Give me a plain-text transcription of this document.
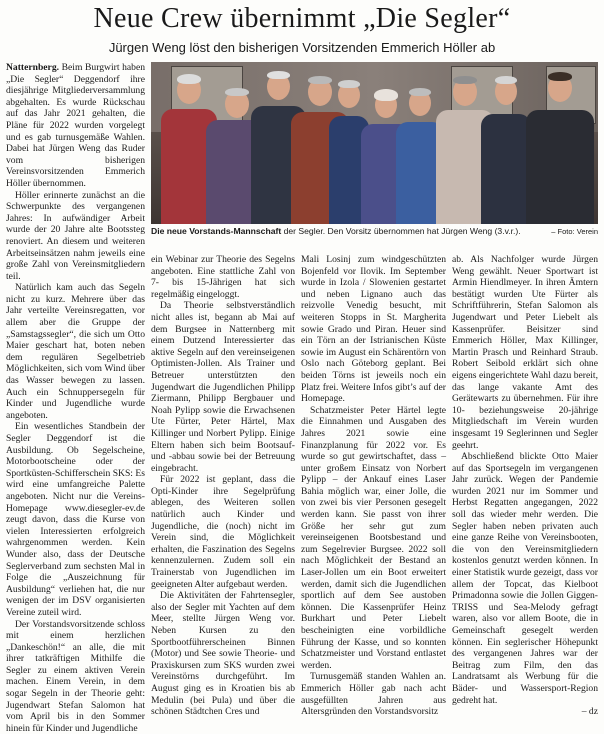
Neue Crew übernimmt „Die Segler“
Jürgen Weng löst den bisherigen Vorsitzenden Emmerich Höller ab

Natternberg. Beim Burgwirt haben „Die Segler“ Deggendorf ihre diesjährige Mitgliederversammlung abgehalten. Es wurde Rückschau auf das Jahr 2021 gehalten, die Pläne für 2022 wurden vorgelegt und es gab turnusgemäße Wahlen. Dabei hat Jürgen Weng das Ruder vom bisherigen Vereinsvorsitzenden Emmerich Höller übernommen.

Höller erinnerte zunächst an die Schwerpunkte des vergangenen Jahres: In aufwändiger Arbeit wurde der 20 Jahre alte Bootssteg renoviert. An diesem und weiteren Arbeitseinsätzen nahm jeweils eine große Zahl von Vereinsmitgliedern teil.

Natürlich kam auch das Segeln nicht zu kurz. Mehrere über das Jahr verteilte Vereinsregatten, vor allem aber die Gruppe der „Samstagssegler“, die sich um Otto Maier geschart hat, boten neben dem regulären Segelbetrieb Möglichkeiten, sich vom Wind über das Wasser bewegen zu lassen. Auch ein Schnuppersegeln für Kinder und Jugendliche wurde angeboten.

Ein wesentliches Standbein der Segler Deggendorf ist die Ausbildung. Ob Segelscheine, Motorbootscheine oder der Sportküsten-Schifferschein SKS: Es wird eine umfangreiche Palette angeboten. Nicht nur die Vereins-Homepage www.diesegler-ev.de zeugt davon, dass die Kurse von vielen Interessierten erfolgreich wahrgenommen werden. Kein Wunder also, dass der Deutsche Seglerverband zum sechsten Mal in Folge die „Auszeichnung für Ausbildung“ verliehen hat, die nur wenigen der im DSV organisierten Vereine zuteil wird.

Der Vorstandsvorsitzende schloss mit einem herzlichen „Dankeschön!“ an alle, die mit ihrer tatkräftigen Mithilfe die Segler zu einem aktiven Verein machen. Einem Verein, in dem sogar Segeln in der Theorie geht: Jugendwart Stefan Salomon hat vom April bis in den Sommer hinein für Kinder und Jugendliche

Die neue Vorstands-Mannschaft der Segler. Den Vorsitz übernommen hat Jürgen Weng (3.v.r.).	– Foto: Verein

ein Webinar zur Theorie des Segelns angeboten. Eine stattliche Zahl von 7- bis 15-Jährigen hat sich regelmäßig eingeloggt.

Da Theorie selbstverständlich nicht alles ist, begann ab Mai auf dem Burgsee in Natternberg mit einem Dutzend Interessierter das aktive Segeln auf den vereinseigenen Optimisten-Jollen. Als Trainer und Betreuer unterstützten den Jugendwart die Jugendlichen Philipp Ziermann, Philipp Bergbauer und Noah Pylipp sowie die Erwachsenen Ute Fürter, Peter Härtel, Max Killinger und Norbert Pylipp. Einige Eltern haben sich beim Bootsauf- und -abbau sowie bei der Betreuung eingebracht.

Für 2022 ist geplant, dass die Opti-Kinder ihre Segelprüfung ablegen, des Weiteren sollen natürlich auch Kinder und Jugendliche, die (noch) nicht im Verein sind, die Möglichkeit erhalten, die Faszination des Segelns kennenzulernen. Zudem soll ein Trainerstab von Jugendlichen im geeigneten Alter aufgebaut werden.

Die Aktivitäten der Fahrtensegler, also der Segler mit Yachten auf dem Meer, stellte Jürgen Weng vor. Neben Kursen zu den Sportbootführerscheinen Binnen (Motor) und See sowie Theorie- und Praxiskursen zum SKS wurden zwei Vereinstörns durchgeführt. Im August ging es in Kroatien bis ab Medulin (bei Pula) und über die schönen Städtchen Cres und

Mali Losinj zum windgeschützten Bojenfeld vor Ilovik. Im September wurde in Izola / Slowenien gestartet und neben Lignano auch das reizvolle Venedig besucht, mit weiteren Stopps in St. Margherita sowie Grado und Piran. Heuer sind ein Törn an der Istrianischen Küste sowie im August ein Schärentörn von Oslo nach Göteborg geplant. Bei beiden Törns ist jeweils noch ein Platz frei. Weitere Infos gibt’s auf der Homepage.

Schatzmeister Peter Härtel legte die Einnahmen und Ausgaben des Jahres 2021 sowie eine Finanzplanung für 2022 vor. Es wurde so gut gewirtschaftet, dass – unter großem Einsatz von Norbert Pylipp – der Ankauf eines Laser Bahia möglich war, einer Jolle, die von zwei bis vier Personen gesegelt werden kann. Sie passt von ihrer Größe her sehr gut zum vereinseigenen Bootsbestand und zum Segelrevier Burgsee. 2022 soll nach Möglichkeit der Bestand an Laser-Jollen um ein Boot erweitert werden, damit sich die Jugendlichen sportlich auf dem See austoben können. Die Kassenprüfer Heinz Burkhart und Peter Liebelt bescheinigten eine vorbildliche Führung der Kasse, und so konnten Schatzmeister und Vorstand entlastet werden.

Turnusgemäß standen Wahlen an. Emmerich Höller gab nach acht ausgefüllten Jahren aus Altersgründen den Vorstandsvorsitz

ab. Als Nachfolger wurde Jürgen Weng gewählt. Neuer Sportwart ist Armin Hiendlmeyer. In ihren Ämtern bestätigt wurden Ute Fürter als Schriftführerin, Stefan Salomon als Jugendwart und Peter Liebelt als Kassenprüfer. Beisitzer sind Emmerich Höller, Max Killinger, Martin Prasch und Reinhard Straub. Robert Seibold erklärt sich ohne eigens eingerichtete Wahl dazu bereit, das lange vakante Amt des Gerätewarts zu übernehmen. Für ihre 10- beziehungsweise 20-jährige Mitgliedschaft im Verein wurden insgesamt 19 Seglerinnen und Segler geehrt.

Abschließend blickte Otto Maier auf das Sportsegeln im vergangenen Jahr zurück. Wegen der Pandemie wurden 2021 nur im Sommer und Herbst Regatten angegangen, 2022 soll das wieder mehr werden. Die Segler haben neben privaten auch eine ganze Reihe von Vereinsbooten, die von den Vereinsmitgliedern kostenlos genutzt werden können. In einer Statistik wurde gezeigt, dass vor allem der Topcat, das Kielboot Primadonna sowie die Jollen Giggen-TRISS und Sea-Melody gefragt waren, also vor allem Boote, die in Gemeinschaft gesegelt werden können. Ein seglerischer Höhepunkt des vergangenen Jahres war der Beitrag zum Film, den das Landratsamt als Werbung für die Bäder- und Wassersport-Region gedreht hat.

– dz
